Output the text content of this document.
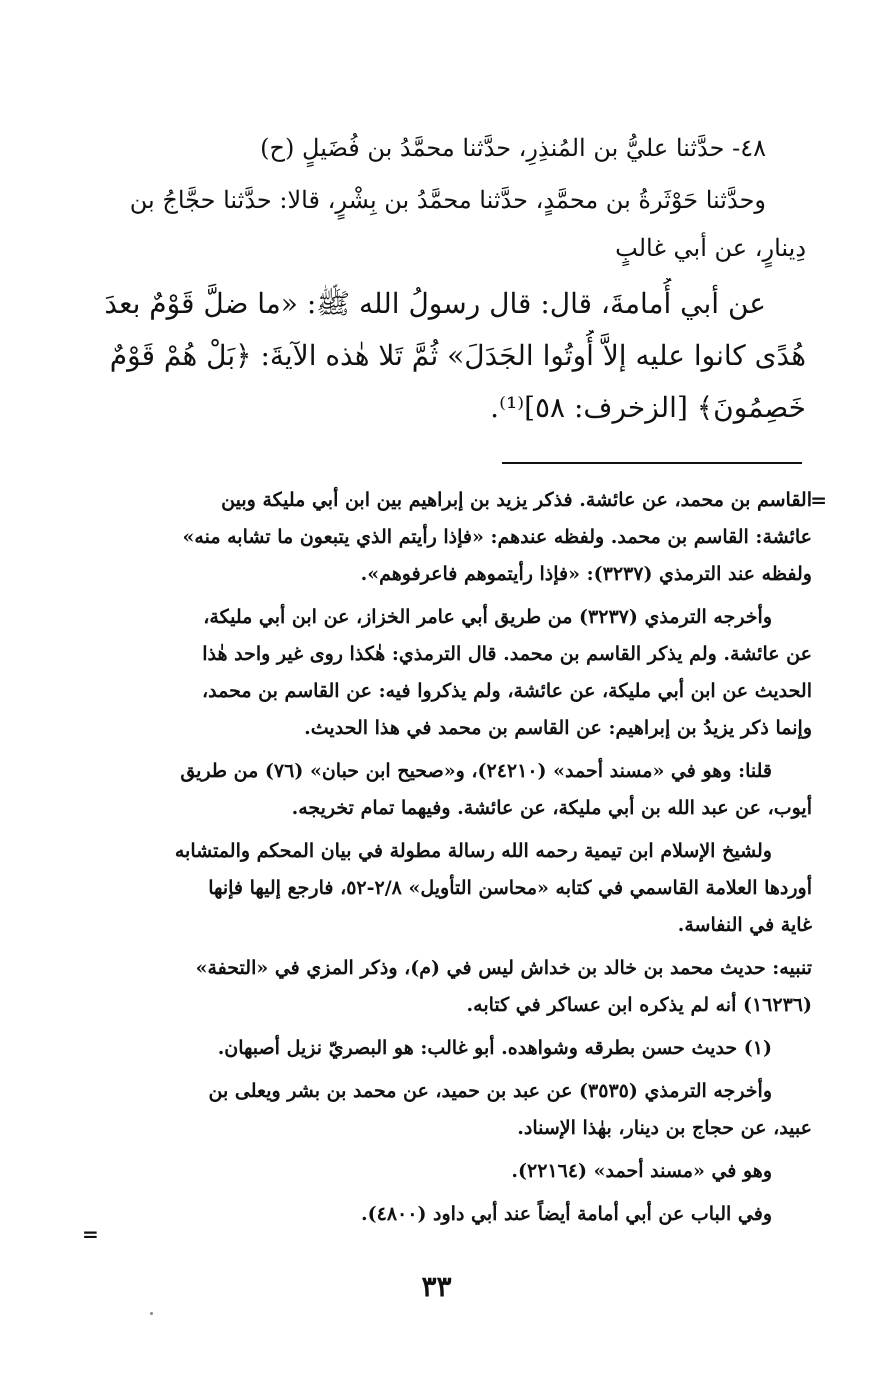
٤٨- حدَّثنا عليُّ بن المُنذِرِ، حدَّثنا محمَّدُ بن فُضَيلٍ (ح)
وحدَّثنا حَوْثَرةُ بن محمَّدٍ، حدَّثنا محمَّدُ بن بِشْرٍ، قالا: حدَّثنا حجَّاجُ بن
دِينارٍ، عن أبي غالبٍ
عن أبي أُمامةَ، قال: قال رسولُ الله ﷺ: «ما ضلَّ قَوْمٌ بعدَ
هُدًى كانوا عليه إلاَّ أُوتُوا الجَدَلَ» ثُمَّ تَلا هٰذه الآيةَ: ﴿بَلْ هُمْ قَوْمٌ
خَصِمُونَ﴾ [الزخرف: ٥٨]⁽¹⁾.
=
القاسم بن محمد، عن عائشة. فذكر يزيد بن إبراهيم بين ابن أبي مليكة وبين
عائشة: القاسم بن محمد. ولفظه عندهم: «فإذا رأيتم الذي يتبعون ما تشابه منه»
ولفظه عند الترمذي (٣٢٣٧): «فإذا رأيتموهم فاعرفوهم».
وأخرجه الترمذي (٣٢٣٧) من طريق أبي عامر الخزاز، عن ابن أبي مليكة،
عن عائشة. ولم يذكر القاسم بن محمد. قال الترمذي: هٰكذا روى غير واحد هٰذا
الحديث عن ابن أبي مليكة، عن عائشة، ولم يذكروا فيه: عن القاسم بن محمد،
وإنما ذكر يزيدُ بن إبراهيم: عن القاسم بن محمد في هذا الحديث.
قلنا: وهو في «مسند أحمد» (٢٤٢١٠)، و«صحيح ابن حبان» (٧٦) من طريق
أيوب، عن عبد الله بن أبي مليكة، عن عائشة. وفيهما تمام تخريجه.
ولشيخ الإسلام ابن تيمية رحمه الله رسالة مطولة في بيان المحكم والمتشابه
أوردها العلامة القاسمي في كتابه «محاسن التأويل» ٢/٨-٥٢، فارجع إليها فإنها
غاية في النفاسة.
تنبيه: حديث محمد بن خالد بن خداش ليس في (م)، وذكر المزي في «التحفة»
(١٦٢٣٦) أنه لم يذكره ابن عساكر في كتابه.
(١) حديث حسن بطرقه وشواهده. أبو غالب: هو البصريّ نزيل أصبهان.
وأخرجه الترمذي (٣٥٣٥) عن عبد بن حميد، عن محمد بن بشر ويعلى بن
عبيد، عن حجاج بن دينار، بهٰذا الإسناد.
وهو في «مسند أحمد» (٢٢١٦٤).
وفي الباب عن أبي أمامة أيضاً عند أبي داود (٤٨٠٠).
=
٣٣
